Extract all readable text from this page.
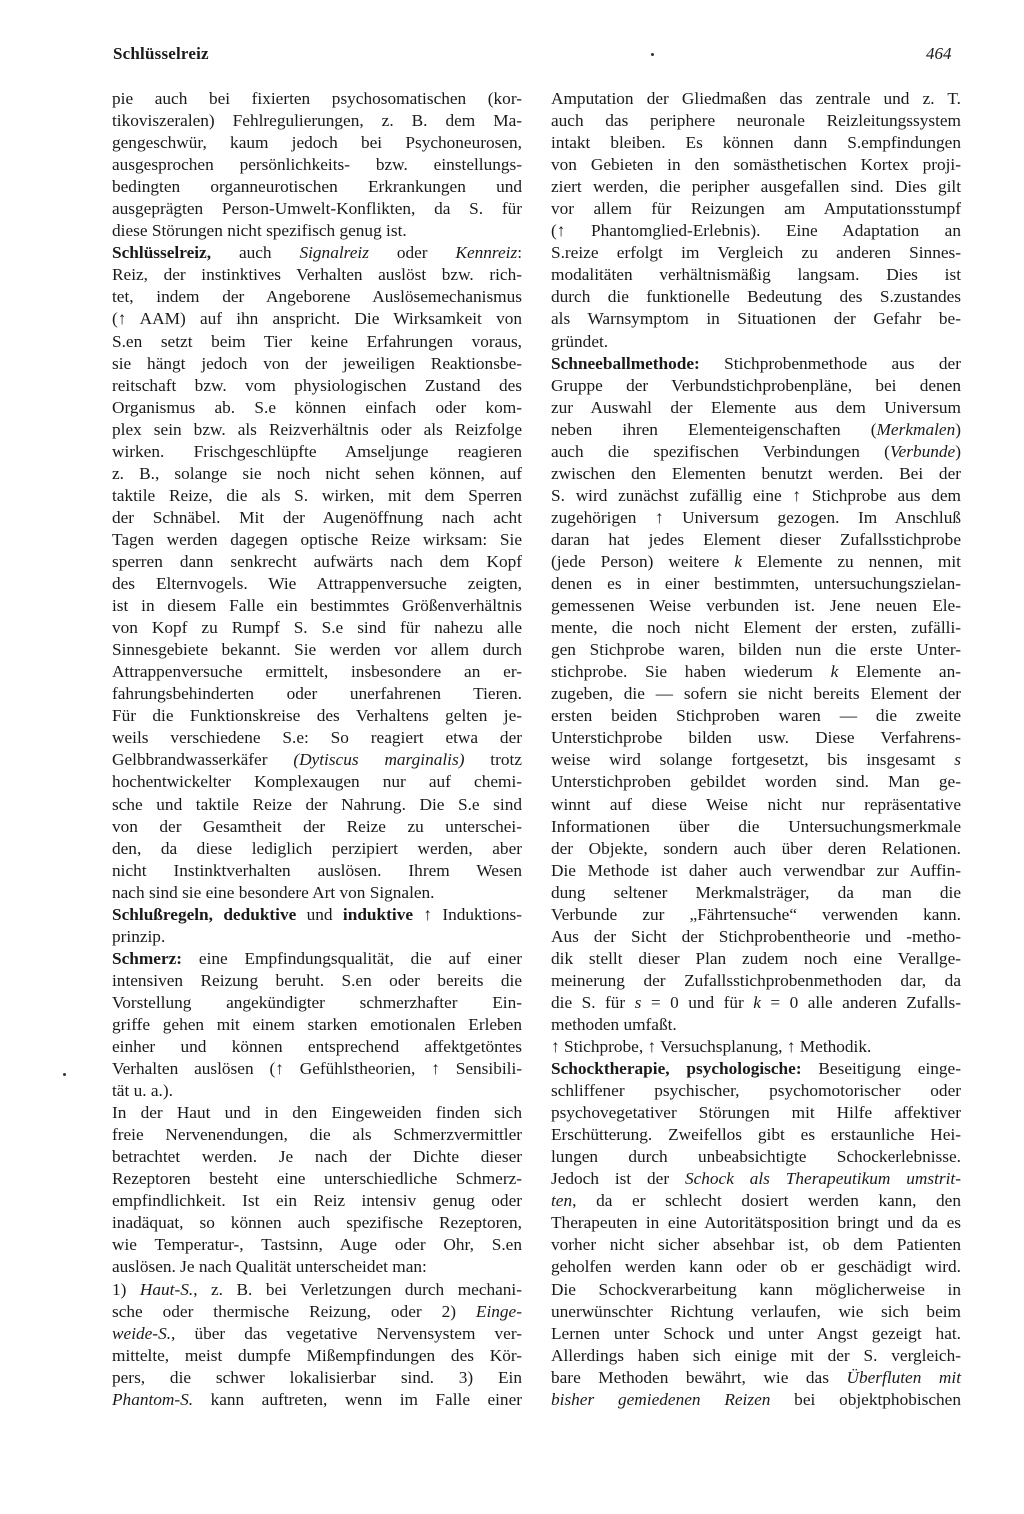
Schlüsselreiz	464
pie auch bei fixierten psychosomatischen (kor-
tikoviszeralen) Fehlregulierungen, z. B. dem Ma-
gengeschwür, kaum jedoch bei Psychoneurosen,
ausgesprochen persönlichkeits- bzw. einstellungs-
bedingten organneurotischen Erkrankungen und
ausgeprägten Person-Umwelt-Konflikten, da S. für
diese Störungen nicht spezifisch genug ist.
Schlüsselreiz, auch Signalreiz oder Kennreiz:
Reiz, der instinktives Verhalten auslöst bzw. rich-
tet, indem der Angeborene Auslösemechanismus
(↑ AAM) auf ihn anspricht. Die Wirksamkeit von
S.en setzt beim Tier keine Erfahrungen voraus,
sie hängt jedoch von der jeweiligen Reaktionsbe-
reitschaft bzw. vom physiologischen Zustand des
Organismus ab. S.e können einfach oder kom-
plex sein bzw. als Reizverhältnis oder als Reizfolge
wirken. Frischgeschlüpfte Amseljunge reagieren
z. B., solange sie noch nicht sehen können, auf
taktile Reize, die als S. wirken, mit dem Sperren
der Schnäbel. Mit der Augenöffnung nach acht
Tagen werden dagegen optische Reize wirksam: Sie
sperren dann senkrecht aufwärts nach dem Kopf
des Elternvogels. Wie Attrappenversuche zeigten,
ist in diesem Falle ein bestimmtes Größenverhältnis
von Kopf zu Rumpf S. S.e sind für nahezu alle
Sinnesgebiete bekannt. Sie werden vor allem durch
Attrappenversuche ermittelt, insbesondere an er-
fahrungsbehinderten oder unerfahrenen Tieren.
Für die Funktionskreise des Verhaltens gelten je-
weils verschiedene S.e: So reagiert etwa der
Gelbbrandwasserkäfer (Dytiscus marginalis) trotz
hochentwickelter Komplexaugen nur auf chemi-
sche und taktile Reize der Nahrung. Die S.e sind
von der Gesamtheit der Reize zu unterschei-
den, da diese lediglich perzipiert werden, aber
nicht Instinktverhalten auslösen. Ihrem Wesen
nach sind sie eine besondere Art von Signalen.
Schlußregeln, deduktive und induktive ↑ Induktions-
prinzip.
Schmerz: eine Empfindungsqualität, die auf einer
intensiven Reizung beruht. S.en oder bereits die
Vorstellung angekündigter schmerzhafter Ein-
griffe gehen mit einem starken emotionalen Erleben
einher und können entsprechend affektgetöntes
Verhalten auslösen (↑ Gefühlstheorien, ↑ Sensibili-
tät u. a.).
In der Haut und in den Eingeweiden finden sich
freie Nervenendungen, die als Schmerzvermittler
betrachtet werden. Je nach der Dichte dieser
Rezeptoren besteht eine unterschiedliche Schmerz-
empfindlichkeit. Ist ein Reiz intensiv genug oder
inadäquat, so können auch spezifische Rezeptoren,
wie Temperatur-, Tastsinn, Auge oder Ohr, S.en
auslösen. Je nach Qualität unterscheidet man:
1) Haut-S., z. B. bei Verletzungen durch mechani-
sche oder thermische Reizung, oder 2) Einge-
weide-S., über das vegetative Nervensystem ver-
mittelte, meist dumpfe Mißempfindungen des Kör-
pers, die schwer lokalisierbar sind. 3) Ein
Phantom-S. kann auftreten, wenn im Falle einer
Amputation der Gliedmaßen das zentrale und z. T.
auch das periphere neuronale Reizleitungssystem
intakt bleiben. Es können dann S.empfindungen
von Gebieten in den somästhetischen Kortex proji-
ziert werden, die peripher ausgefallen sind. Dies gilt
vor allem für Reizungen am Amputationsstumpf
(↑ Phantomglied-Erlebnis). Eine Adaptation an
S.reize erfolgt im Vergleich zu anderen Sinnes-
modalitäten verhältnismäßig langsam. Dies ist
durch die funktionelle Bedeutung des S.zustandes
als Warnsymptom in Situationen der Gefahr be-
gründet.
Schneeballmethode: Stichprobenmethode aus der
Gruppe der Verbundstichprobenpläne, bei denen
zur Auswahl der Elemente aus dem Universum
neben ihren Elementeigenschaften (Merkmalen)
auch die spezifischen Verbindungen (Verbunde)
zwischen den Elementen benutzt werden. Bei der
S. wird zunächst zufällig eine ↑ Stichprobe aus dem
zugehörigen ↑ Universum gezogen. Im Anschluß
daran hat jedes Element dieser Zufallsstichprobe
(jede Person) weitere k Elemente zu nennen, mit
denen es in einer bestimmten, untersuchungszielan-
gemessenen Weise verbunden ist. Jene neuen Ele-
mente, die noch nicht Element der ersten, zufälli-
gen Stichprobe waren, bilden nun die erste Unter-
stichprobe. Sie haben wiederum k Elemente an-
zugeben, die — sofern sie nicht bereits Element der
ersten beiden Stichproben waren — die zweite
Unterstichprobe bilden usw. Diese Verfahrens-
weise wird solange fortgesetzt, bis insgesamt s
Unterstichproben gebildet worden sind. Man ge-
winnt auf diese Weise nicht nur repräsentative
Informationen über die Untersuchungsmerkmale
der Objekte, sondern auch über deren Relationen.
Die Methode ist daher auch verwendbar zur Auffin-
dung seltener Merkmalsträger, da man die
Verbunde zur „Fährtensuche“ verwenden kann.
Aus der Sicht der Stichprobentheorie und -metho-
dik stellt dieser Plan zudem noch eine Verallge-
meinerung der Zufallsstichprobenmethoden dar, da
die S. für s = 0 und für k = 0 alle anderen Zufalls-
methoden umfaßt.
↑ Stichprobe, ↑ Versuchsplanung, ↑ Methodik.
Schocktherapie, psychologische: Beseitigung einge-
schliffener psychischer, psychomotorischer oder
psychovegetativer Störungen mit Hilfe affektiver
Erschütterung. Zweifellos gibt es erstaunliche Hei-
lungen durch unbeabsichtigte Schockerlebnisse.
Jedoch ist der Schock als Therapeutikum umstrit-
ten, da er schlecht dosiert werden kann, den
Therapeuten in eine Autoritätsposition bringt und da es
vorher nicht sicher absehbar ist, ob dem Patienten
geholfen werden kann oder ob er geschädigt wird.
Die Schockverarbeitung kann möglicherweise in
unerwünschter Richtung verlaufen, wie sich beim
Lernen unter Schock und unter Angst gezeigt hat.
Allerdings haben sich einige mit der S. vergleich-
bare Methoden bewährt, wie das Überfluten mit
bisher gemiedenen Reizen bei objektphobischen
